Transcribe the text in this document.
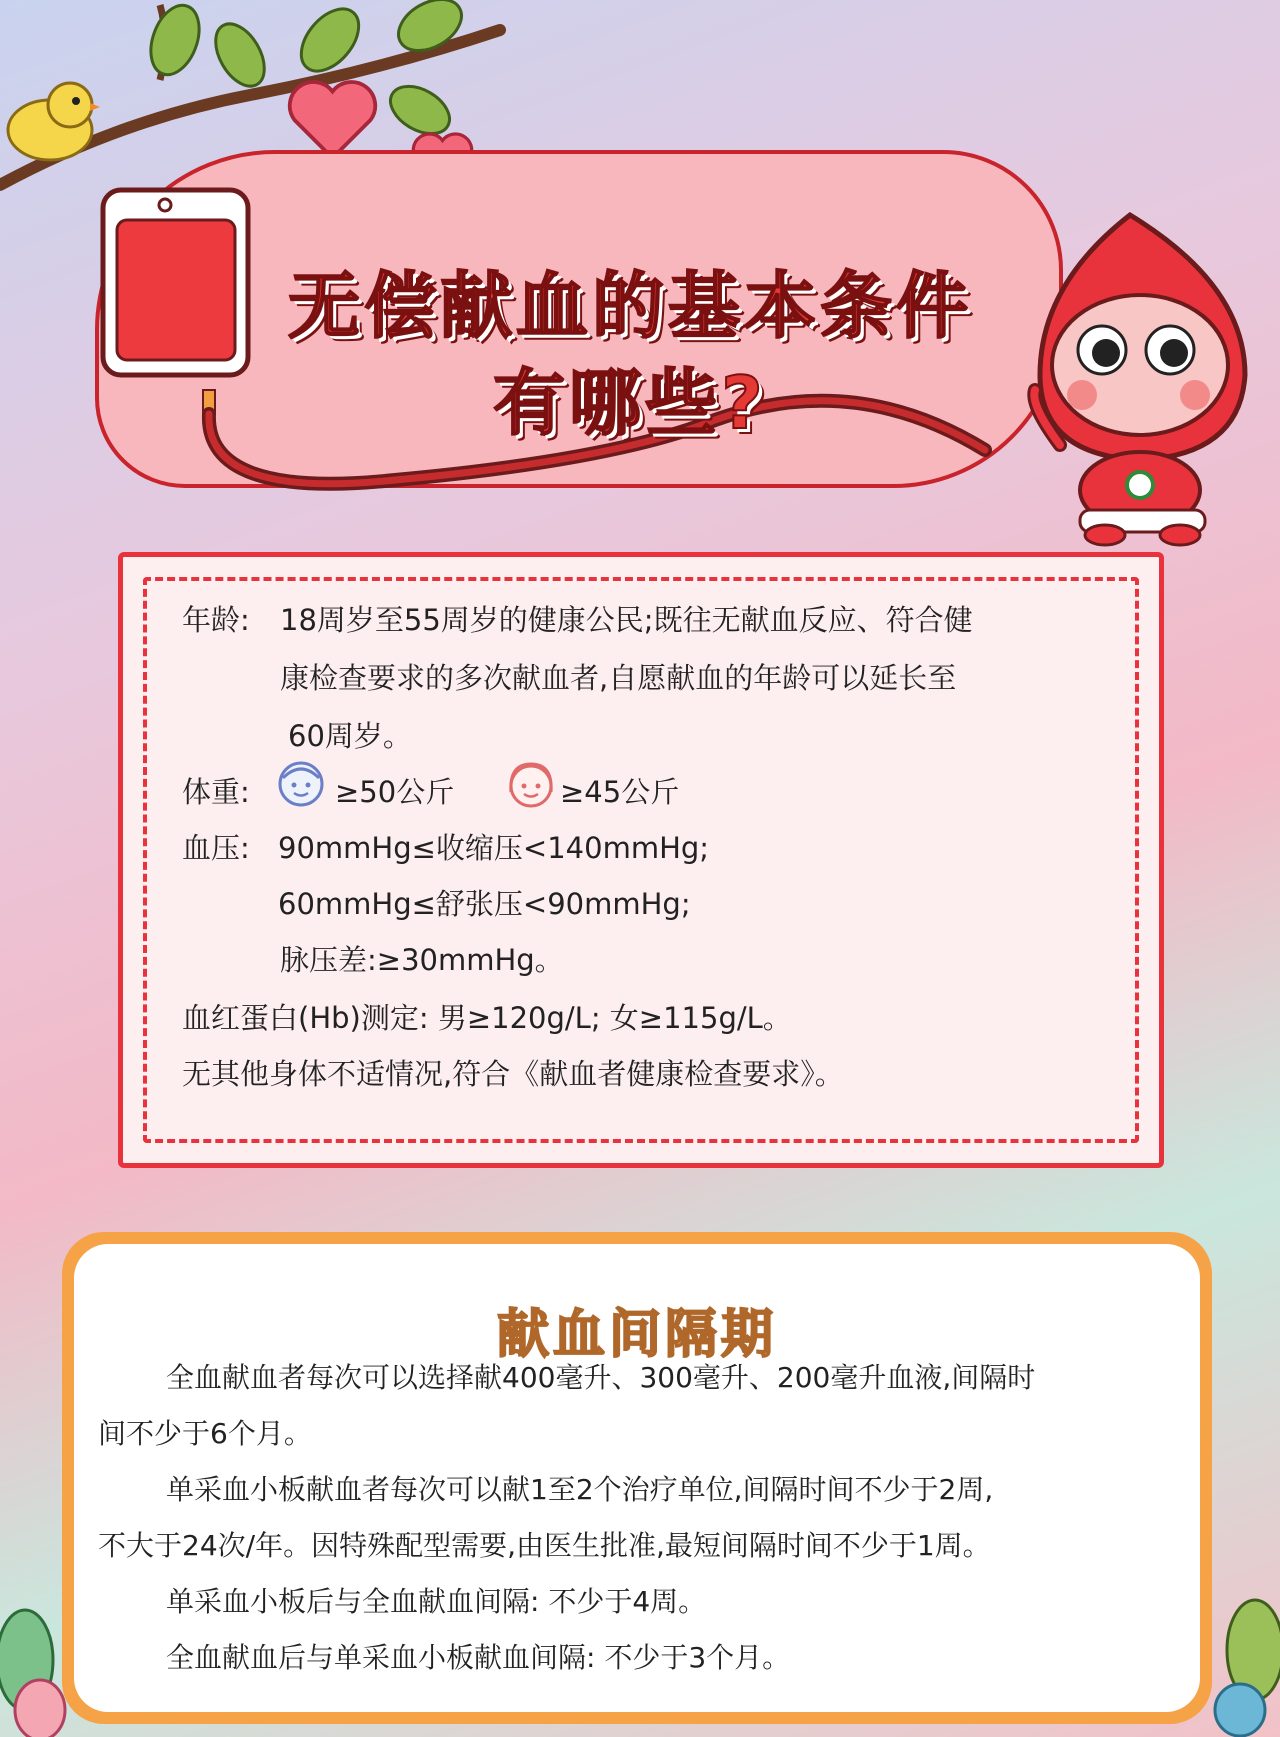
无偿献血的基本条件
有哪些?
年龄: 18周岁至55周岁的健康公民;既往无献血反应、符合健
康检查要求的多次献血者,自愿献血的年龄可以延长至
60周岁。
体重:	≥50公斤	≥45公斤
血压: 90mmHg≤收缩压<140mmHg;
60mmHg≤舒张压<90mmHg;
脉压差:≥30mmHg。
血红蛋白(Hb)测定: 男≥120g/L; 女≥115g/L。
无其他身体不适情况,符合《献血者健康检查要求》。
献血间隔期
全血献血者每次可以选择献400毫升、300毫升、200毫升血液,间隔时
间不少于6个月。
单采血小板献血者每次可以献1至2个治疗单位,间隔时间不少于2周,
不大于24次/年。因特殊配型需要,由医生批准,最短间隔时间不少于1周。
单采血小板后与全血献血间隔: 不少于4周。
全血献血后与单采血小板献血间隔: 不少于3个月。
